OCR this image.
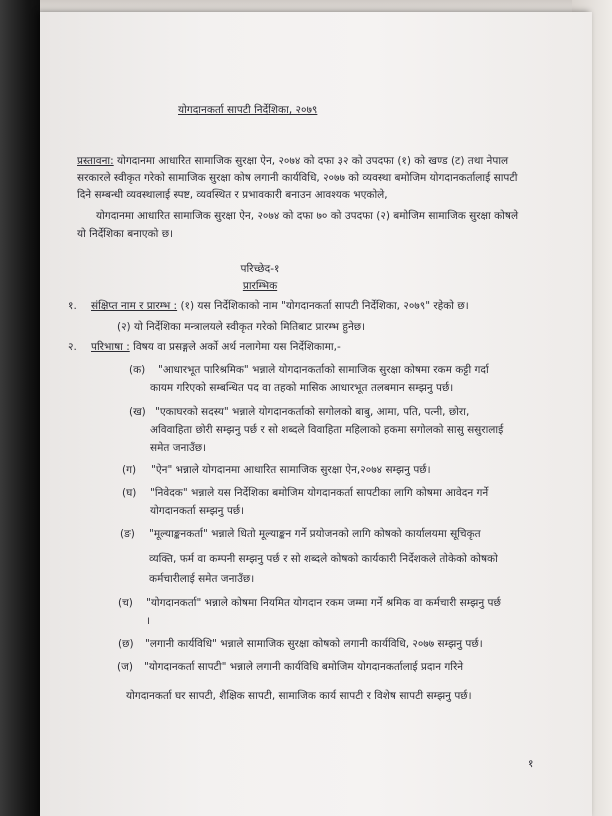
योगदानकर्ता सापटी निर्देशिका, २०७९
प्रस्तावना: योगदानमा आधारित सामाजिक सुरक्षा ऐन, २०७४ को दफा ३२ को उपदफा (१) को खण्ड (ट) तथा नेपाल
सरकारले स्वीकृत गरेको सामाजिक सुरक्षा कोष लगानी कार्यविधि, २०७७ को व्यवस्था बमोजिम योगदानकर्तालाई सापटी
दिने सम्बन्धी व्यवस्थालाई स्पष्ट, व्यवस्थित र प्रभावकारी बनाउन आवश्यक भएकोले,
योगदानमा आधारित सामाजिक सुरक्षा ऐन, २०७४ को दफा ७० को उपदफा (२) बमोजिम सामाजिक सुरक्षा कोषले
यो निर्देशिका बनाएको छ।
परिच्छेद-१
प्रारम्भिक
१. संक्षिप्त नाम र प्रारम्भ : (१) यस निर्देशिकाको नाम "योगदानकर्ता सापटी निर्देशिका, २०७९" रहेको छ।
(२) यो निर्देशिका मन्त्रालयले स्वीकृत गरेको मितिबाट प्रारम्भ हुनेछ।
२. परिभाषा : विषय वा प्रसङ्गले अर्को अर्थ नलागेमा यस निर्देशिकामा,-
(क) "आधारभूत पारिश्रमिक" भन्नाले योगदानकर्ताको सामाजिक सुरक्षा कोषमा रकम कट्टी गर्दा
कायम गरिएको सम्बन्धित पद वा तहको मासिक आधारभूत तलबमान सम्झनु पर्छ।
(ख) "एकाघरको सदस्य" भन्नाले योगदानकर्ताको सगोलको बाबु, आमा, पति, पत्नी, छोरा,
अविवाहिता छोरी सम्झनु पर्छ र सो शब्दले विवाहिता महिलाको हकमा सगोलको सासु ससुरालाई
समेत जनाउँछ।
(ग) "ऐन" भन्नाले योगदानमा आधारित सामाजिक सुरक्षा ऐन,२०७४ सम्झनु पर्छ।
(घ) "निवेदक" भन्नाले यस निर्देशिका बमोजिम योगदानकर्ता सापटीका लागि कोषमा आवेदन गर्ने
योगदानकर्ता सम्झनु पर्छ।
(ङ) "मूल्याङ्कनकर्ता" भन्नाले धितो मूल्याङ्कन गर्ने प्रयोजनको लागि कोषको कार्यालयमा सूचिकृत
व्यक्ति, फर्म वा कम्पनी सम्झनु पर्छ र सो शब्दले कोषको कार्यकारी निर्देशकले तोकेको कोषको
कर्मचारीलाई समेत जनाउँछ।
(च) "योगदानकर्ता" भन्नाले कोषमा नियमित योगदान रकम जम्मा गर्ने श्रमिक वा कर्मचारी सम्झनु पर्छ
।
(छ) "लगानी कार्यविधि" भन्नाले सामाजिक सुरक्षा कोषको लगानी कार्यविधि, २०७७ सम्झनु पर्छ।
(ज) "योगदानकर्ता सापटी" भन्नाले लगानी कार्यविधि बमोजिम योगदानकर्तालाई प्रदान गरिने
योगदानकर्ता घर सापटी, शैक्षिक सापटी, सामाजिक कार्य सापटी र विशेष सापटी सम्झनु पर्छ।
१
